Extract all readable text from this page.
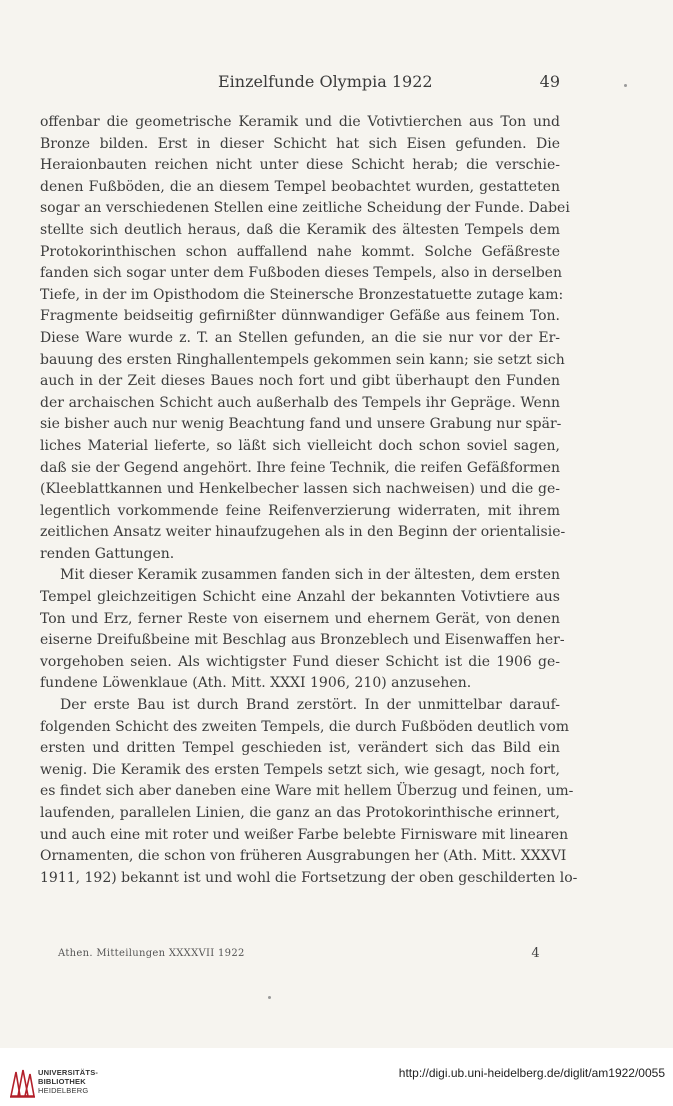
Einzelfunde Olympia 1922	49

offenbar die geometrische Keramik und die Votivtierchen aus Ton und
Bronze bilden. Erst in dieser Schicht hat sich Eisen gefunden. Die
Heraionbauten reichen nicht unter diese Schicht herab; die verschie-
denen Fußböden, die an diesem Tempel beobachtet wurden, gestatteten
sogar an verschiedenen Stellen eine zeitliche Scheidung der Funde. Dabei
stellte sich deutlich heraus, daß die Keramik des ältesten Tempels dem
Protokorinthischen schon auffallend nahe kommt. Solche Gefäßreste
fanden sich sogar unter dem Fußboden dieses Tempels, also in derselben
Tiefe, in der im Opisthodom die Steinersche Bronzestatuette zutage kam:
Fragmente beidseitig gefirnißter dünnwandiger Gefäße aus feinem Ton.
Diese Ware wurde z. T. an Stellen gefunden, an die sie nur vor der Er-
bauung des ersten Ringhallentempels gekommen sein kann; sie setzt sich
auch in der Zeit dieses Baues noch fort und gibt überhaupt den Funden
der archaischen Schicht auch außerhalb des Tempels ihr Gepräge. Wenn
sie bisher auch nur wenig Beachtung fand und unsere Grabung nur spär-
liches Material lieferte, so läßt sich vielleicht doch schon soviel sagen,
daß sie der Gegend angehört. Ihre feine Technik, die reifen Gefäßformen
(Kleeblattkannen und Henkelbecher lassen sich nachweisen) und die ge-
legentlich vorkommende feine Reifenverzierung widerraten, mit ihrem
zeitlichen Ansatz weiter hinaufzugehen als in den Beginn der orientalisie-
renden Gattungen.

Mit dieser Keramik zusammen fanden sich in der ältesten, dem ersten
Tempel gleichzeitigen Schicht eine Anzahl der bekannten Votivtiere aus
Ton und Erz, ferner Reste von eisernem und ehernem Gerät, von denen
eiserne Dreifußbeine mit Beschlag aus Bronzeblech und Eisenwaffen her-
vorgehoben seien. Als wichtigster Fund dieser Schicht ist die 1906 ge-
fundene Löwenklaue (Ath. Mitt. XXXI 1906, 210) anzusehen.

Der erste Bau ist durch Brand zerstört. In der unmittelbar darauf-
folgenden Schicht des zweiten Tempels, die durch Fußböden deutlich vom
ersten und dritten Tempel geschieden ist, verändert sich das Bild ein
wenig. Die Keramik des ersten Tempels setzt sich, wie gesagt, noch fort,
es findet sich aber daneben eine Ware mit hellem Überzug und feinen, um-
laufenden, parallelen Linien, die ganz an das Protokorinthische erinnert,
und auch eine mit roter und weißer Farbe belebte Firnisware mit linearen
Ornamenten, die schon von früheren Ausgrabungen her (Ath. Mitt. XXXVI
1911, 192) bekannt ist und wohl die Fortsetzung der oben geschilderten lo-

Athen. Mitteilungen XXXXVII 1922	4
UNIVERSITÄTS-
BIBLIOTHEK
HEIDELBERG
http://digi.ub.uni-heidelberg.de/diglit/am1922/0055
